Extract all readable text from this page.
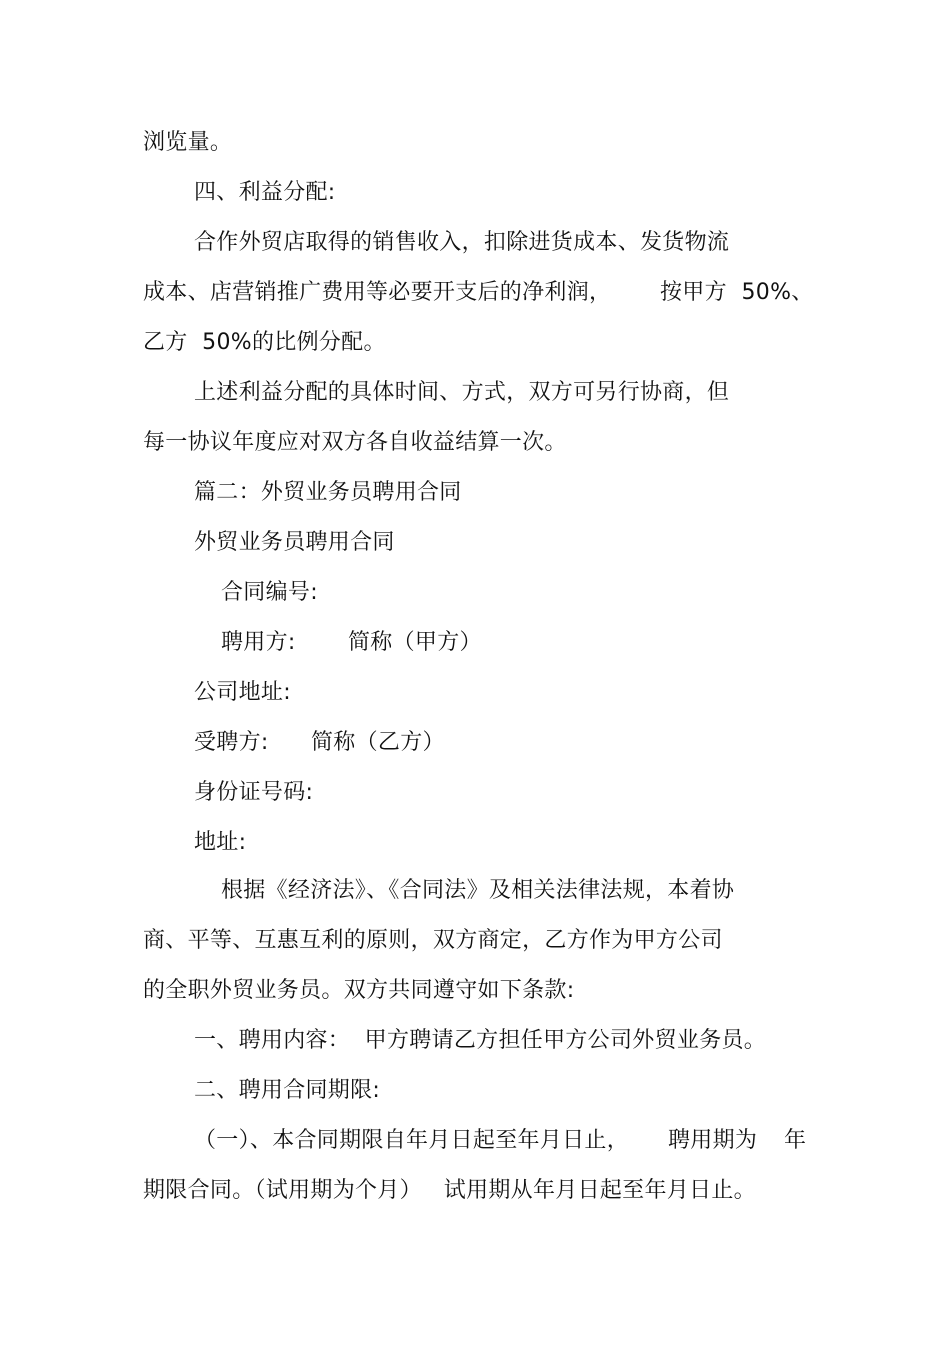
浏览量。
四、利益分配:
合作外贸店取得的销售收入，扣除进货成本、发货物流
成本、店营销推广费用等必要开支后的净利润， 按甲方  50%、
乙方  50%的比例分配。
上述利益分配的具体时间、方式，双方可另行协商，但
每一协议年度应对双方各自收益结算一次。
篇二：外贸业务员聘用合同
外贸业务员聘用合同
合同编号:
聘用方: 简称（甲方）
公司地址:
受聘方: 简称（乙方）
身份证号码:
地址:
根据《经济法》、《合同法》及相关法律法规，本着协
商、平等、互惠互利的原则，双方商定，乙方作为甲方公司
的全职外贸业务员。双方共同遵守如下条款:
一、聘用内容：  甲方聘请乙方担任甲方公司外贸业务员。
二、聘用合同期限:
（一）、本合同期限自年月日起至年月日止， 聘用期为 年
期限合同。（试用期为个月）   试用期从年月日起至年月日止。
